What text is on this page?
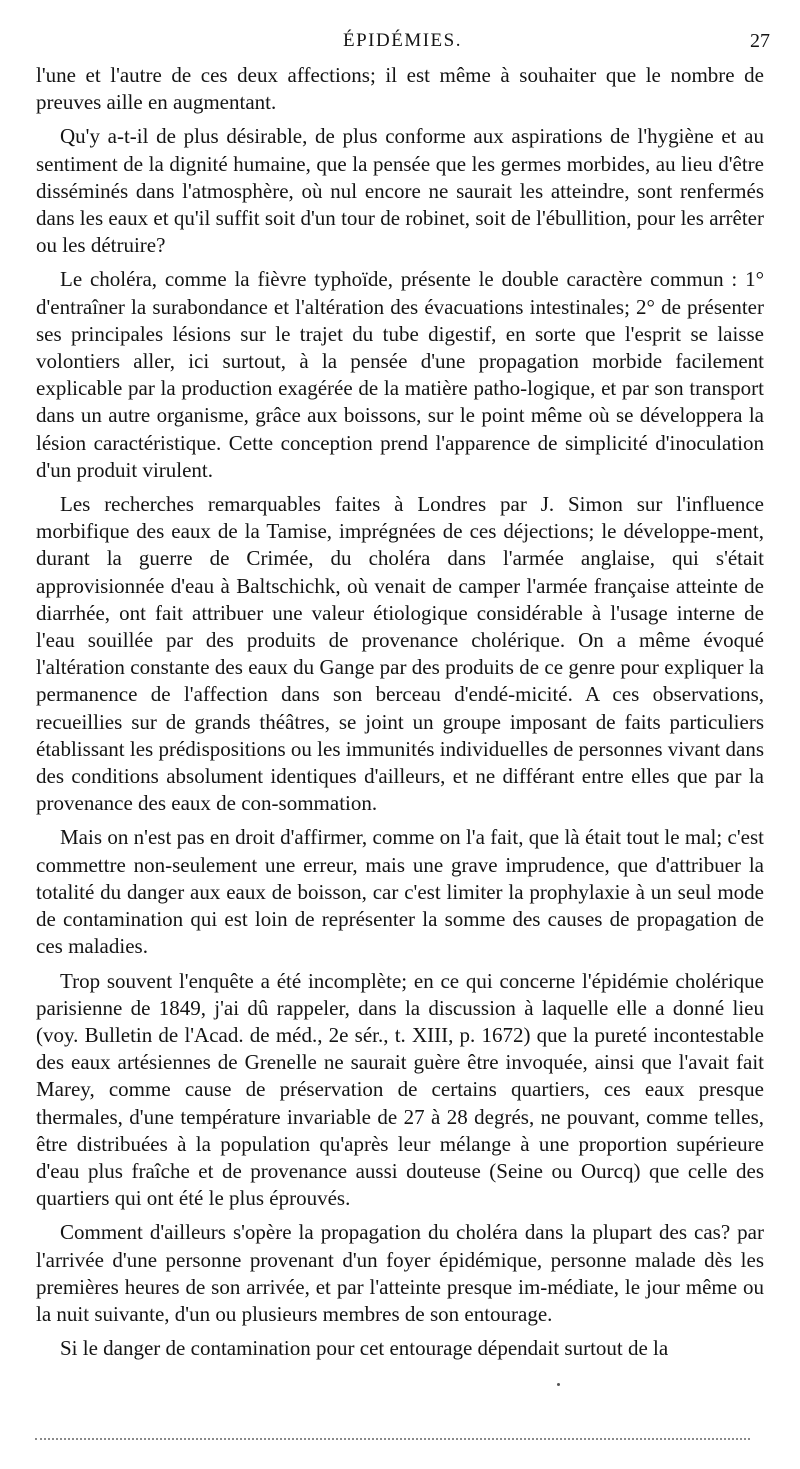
ÉPIDÉMIES.	27

l'une et l'autre de ces deux affections; il est même à souhaiter que le nombre de preuves aille en augmentant.

Qu'y a-t-il de plus désirable, de plus conforme aux aspirations de l'hygiène et au sentiment de la dignité humaine, que la pensée que les germes morbides, au lieu d'être disséminés dans l'atmosphère, où nul encore ne saurait les atteindre, sont renfermés dans les eaux et qu'il suffit soit d'un tour de robinet, soit de l'ébullition, pour les arrêter ou les détruire?

Le choléra, comme la fièvre typhoïde, présente le double caractère commun : 1° d'entraîner la surabondance et l'altération des évacuations intestinales; 2° de présenter ses principales lésions sur le trajet du tube digestif, en sorte que l'esprit se laisse volontiers aller, ici surtout, à la pensée d'une propagation morbide facilement explicable par la production exagérée de la matière patho-logique, et par son transport dans un autre organisme, grâce aux boissons, sur le point même où se développera la lésion caractéristique. Cette conception prend l'apparence de simplicité d'inoculation d'un produit virulent.

Les recherches remarquables faites à Londres par J. Simon sur l'influence morbifique des eaux de la Tamise, imprégnées de ces déjections; le développe-ment, durant la guerre de Crimée, du choléra dans l'armée anglaise, qui s'était approvisionnée d'eau à Baltschichk, où venait de camper l'armée française atteinte de diarrhée, ont fait attribuer une valeur étiologique considérable à l'usage interne de l'eau souillée par des produits de provenance cholérique. On a même évoqué l'altération constante des eaux du Gange par des produits de ce genre pour expliquer la permanence de l'affection dans son berceau d'endé-micité. A ces observations, recueillies sur de grands théâtres, se joint un groupe imposant de faits particuliers établissant les prédispositions ou les immunités individuelles de personnes vivant dans des conditions absolument identiques d'ailleurs, et ne différant entre elles que par la provenance des eaux de con-sommation.

Mais on n'est pas en droit d'affirmer, comme on l'a fait, que là était tout le mal; c'est commettre non-seulement une erreur, mais une grave imprudence, que d'attribuer la totalité du danger aux eaux de boisson, car c'est limiter la prophylaxie à un seul mode de contamination qui est loin de représenter la somme des causes de propagation de ces maladies.

Trop souvent l'enquête a été incomplète; en ce qui concerne l'épidémie cholérique parisienne de 1849, j'ai dû rappeler, dans la discussion à laquelle elle a donné lieu (voy. Bulletin de l'Acad. de méd., 2e sér., t. XIII, p. 1672) que la pureté incontestable des eaux artésiennes de Grenelle ne saurait guère être invoquée, ainsi que l'avait fait Marey, comme cause de préservation de certains quartiers, ces eaux presque thermales, d'une température invariable de 27 à 28 degrés, ne pouvant, comme telles, être distribuées à la population qu'après leur mélange à une proportion supérieure d'eau plus fraîche et de provenance aussi douteuse (Seine ou Ourcq) que celle des quartiers qui ont été le plus éprouvés.

Comment d'ailleurs s'opère la propagation du choléra dans la plupart des cas? par l'arrivée d'une personne provenant d'un foyer épidémique, personne malade dès les premières heures de son arrivée, et par l'atteinte presque im-médiate, le jour même ou la nuit suivante, d'un ou plusieurs membres de son entourage.

Si le danger de contamination pour cet entourage dépendait surtout de la
